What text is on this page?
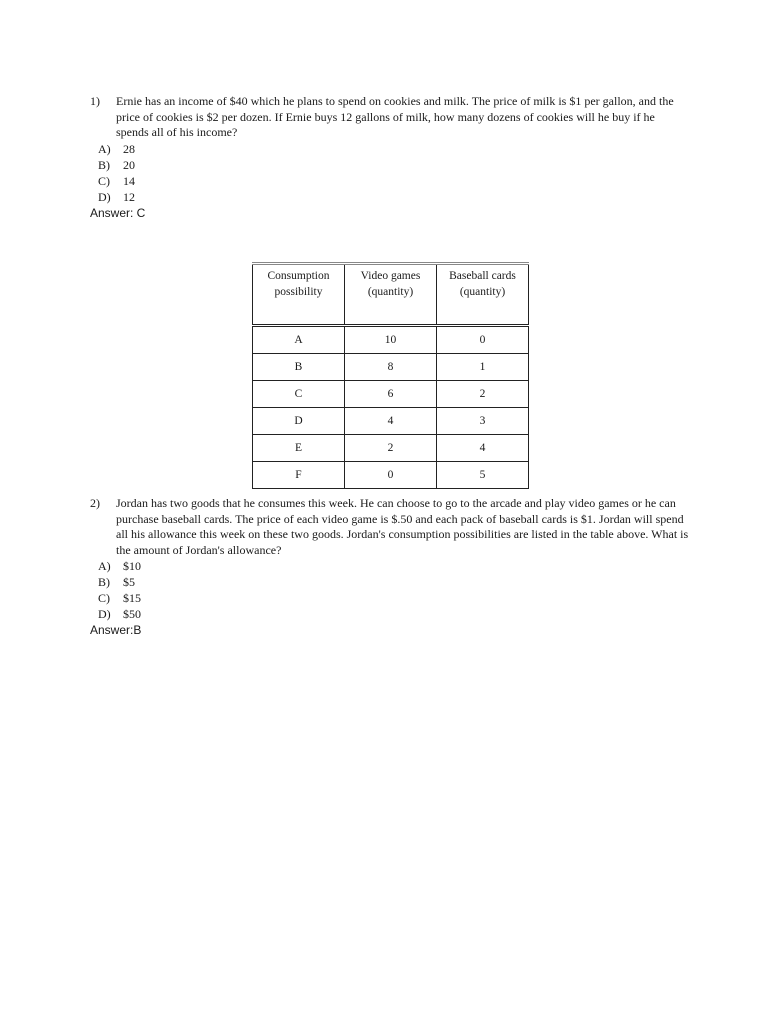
1)	Ernie has an income of $40 which he plans to spend on cookies and milk. The price of milk is $1 per gallon, and the price of cookies is $2 per dozen. If Ernie buys 12 gallons of milk, how many dozens of cookies will he buy if he spends all of his income?
A)	28
B)	20
C)	14
D)	12
Answer: C
Consumption possibility	Video games (quantity)	Baseball cards (quantity)
A	10	0
B	8	1
C	6	2
D	4	3
E	2	4
F	0	5
2)	Jordan has two goods that he consumes this week. He can choose to go to the arcade and play video games or he can purchase baseball cards. The price of each video game is $.50 and each pack of baseball cards is $1. Jordan will spend all his allowance this week on these two goods. Jordan's consumption possibilities are listed in the table above. What is the amount of Jordan's allowance?
A)	$10
B)	$5
C)	$15
D)	$50
Answer:B
